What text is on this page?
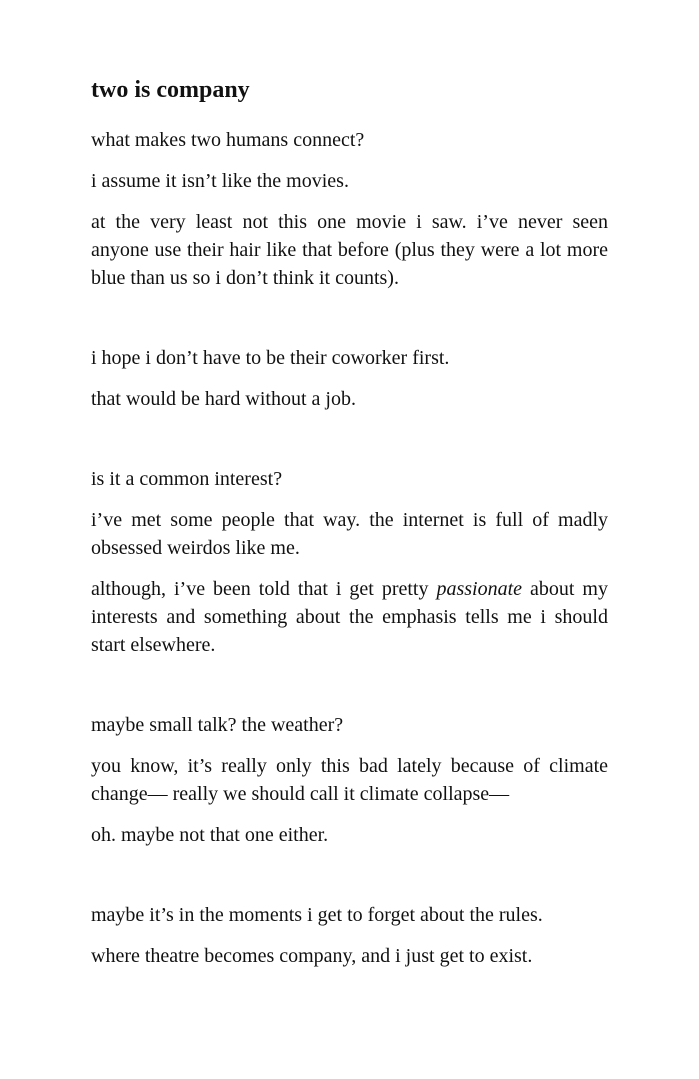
two is company
what makes two humans connect?
i assume it isn’t like the movies.
at the very least not this one movie i saw. i’ve never seen anyone use their hair like that before (plus they were a lot more blue than us so i don’t think it counts).
i hope i don’t have to be their coworker first.
that would be hard without a job.
is it a common interest?
i’ve met some people that way. the internet is full of madly obsessed weirdos like me.
although, i’ve been told that i get pretty passionate about my interests and something about the emphasis tells me i should start elsewhere.
maybe small talk? the weather?
you know, it’s really only this bad lately because of climate change— really we should call it climate collapse—
oh. maybe not that one either.
maybe it’s in the moments i get to forget about the rules.
where theatre becomes company, and i just get to exist.
